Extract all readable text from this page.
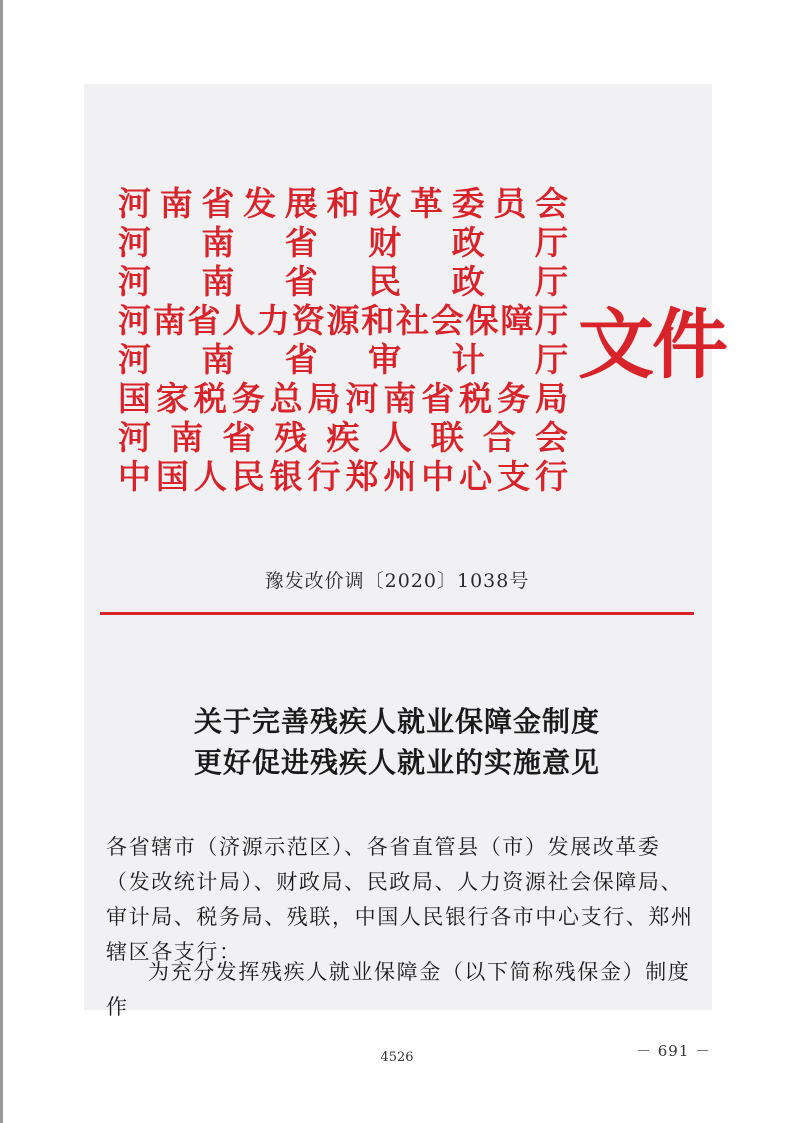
河南省发展和改革委员会
河 南 省 财 政 厅
河 南 省 民 政 厅
河南省人力资源和社会保障厅
河 南 省 审 计 厅
国家税务总局河南省税务局
河 南 省 残 疾 人 联 合 会
中国人民银行郑州中心支行
文件
豫发改价调〔2020〕1038号
关于完善残疾人就业保障金制度
更好促进残疾人就业的实施意见
各省辖市（济源示范区）、各省直管县（市）发展改革委（发改统计局）、财政局、民政局、人力资源社会保障局、审计局、税务局、残联，中国人民银行各市中心支行、郑州辖区各支行：
为充分发挥残疾人就业保障金（以下简称残保金）制度作
4526	－ 691 －
